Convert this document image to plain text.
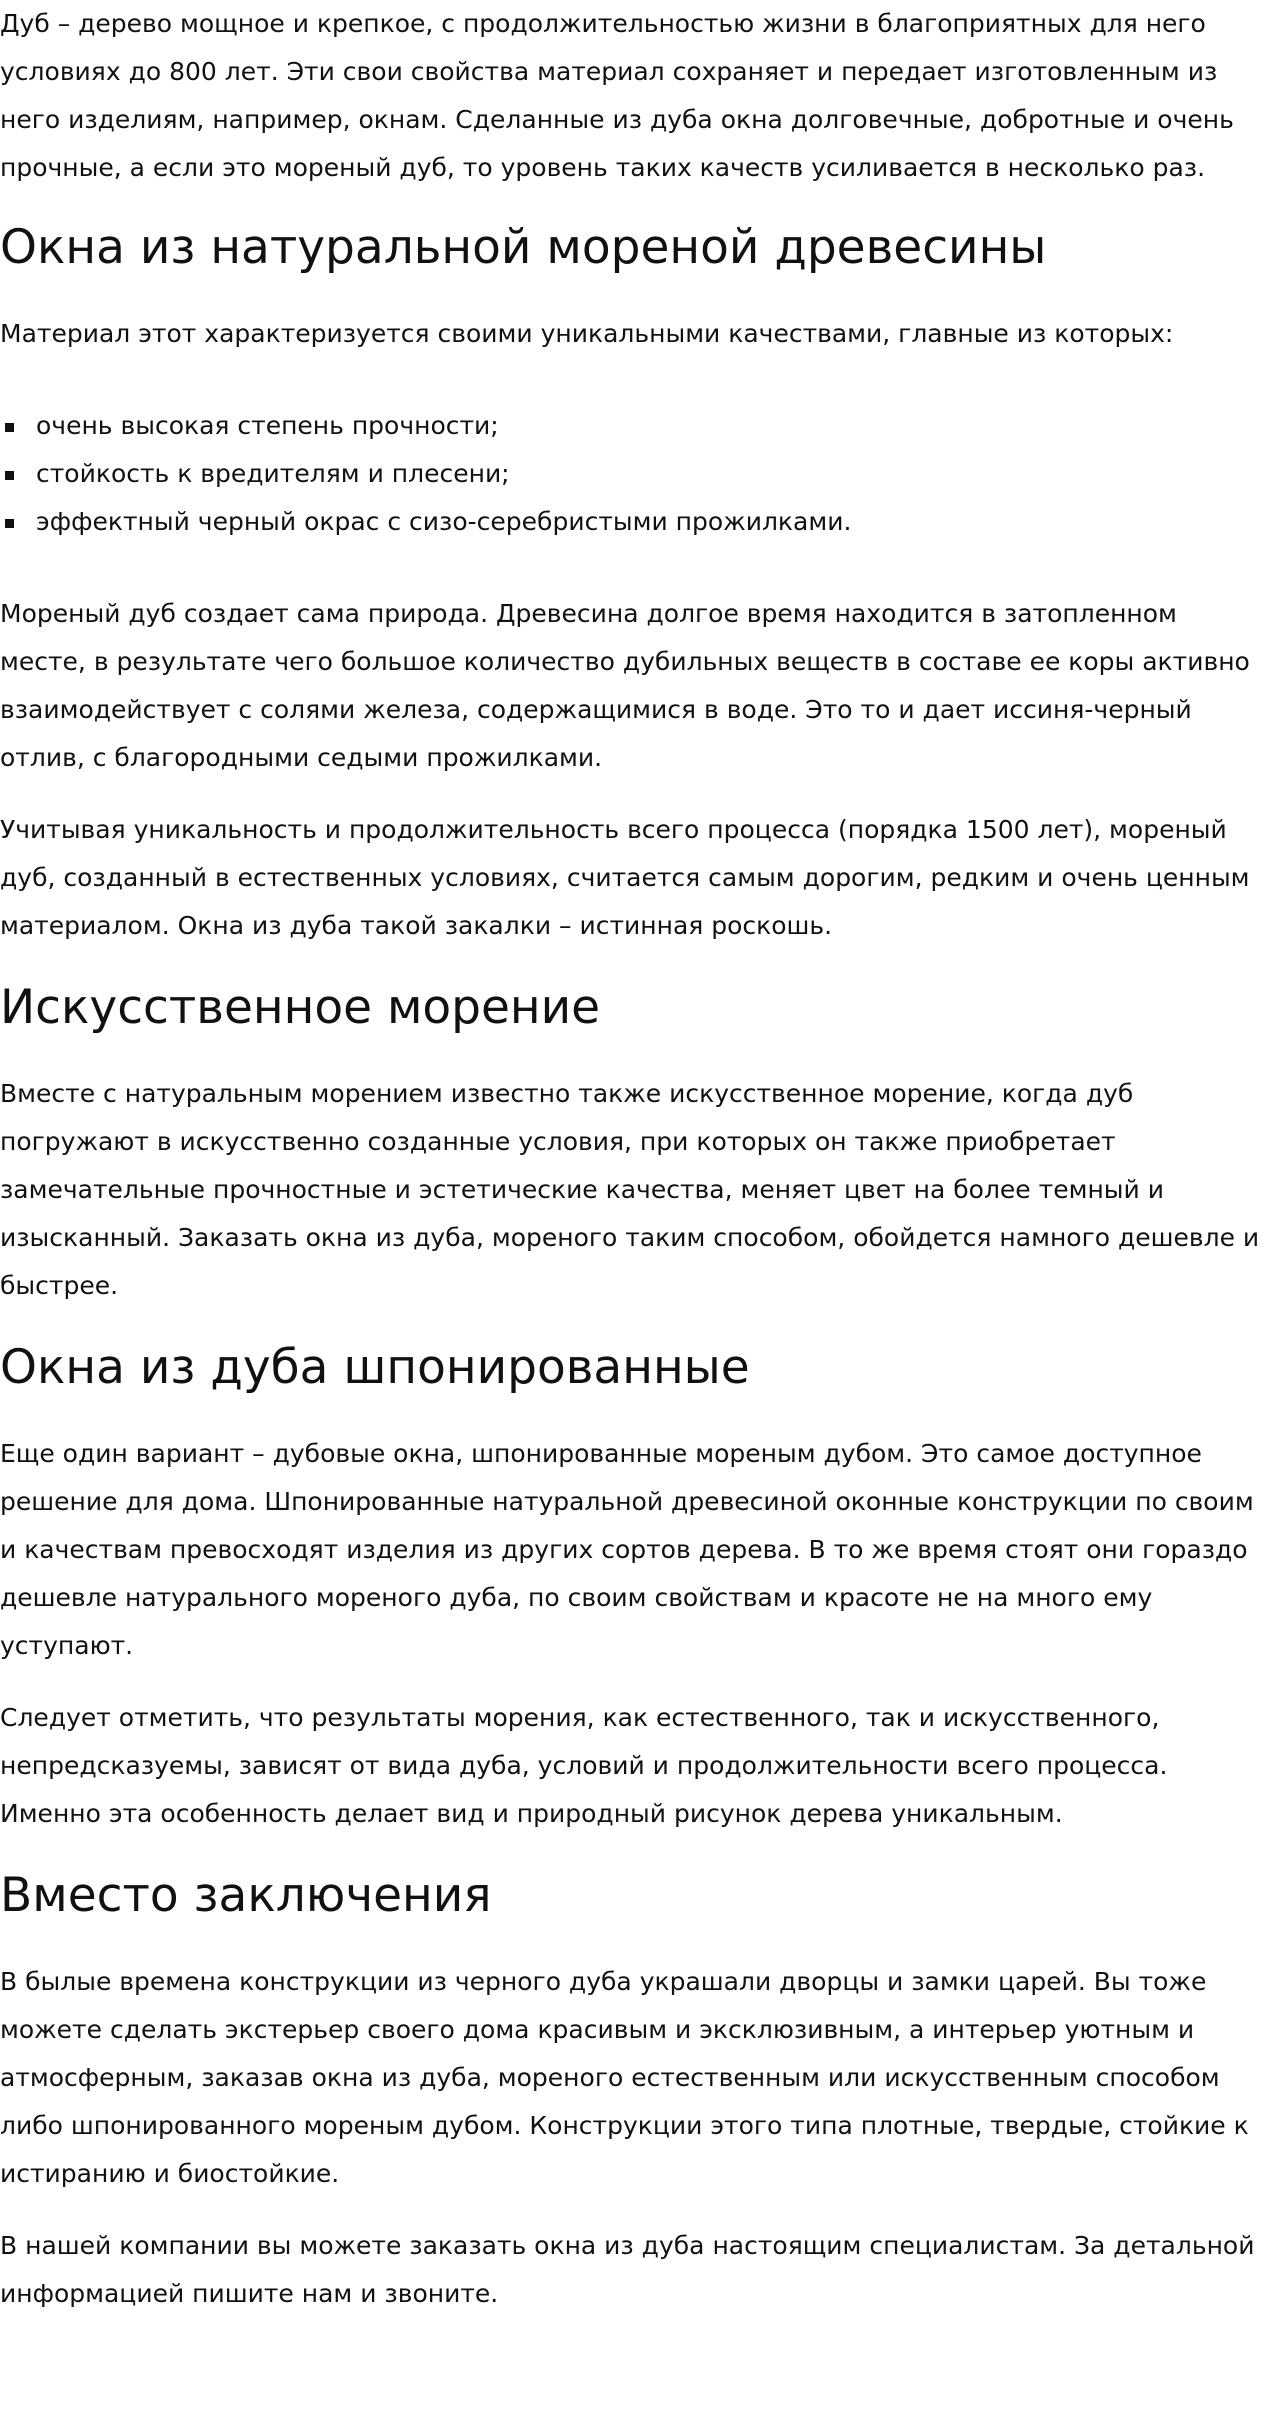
Дуб – дерево мощное и крепкое, с продолжительностью жизни в благоприятных для него условиях до 800 лет. Эти свои свойства материал сохраняет и передает изготовленным из него изделиям, например, окнам. Сделанные из дуба окна долговечные, добротные и очень прочные, а если это мореный дуб, то уровень таких качеств усиливается в несколько раз.

Окна из натуральной мореной древесины

Материал этот характеризуется своими уникальными качествами, главные из которых:

очень высокая степень прочности;
стойкость к вредителям и плесени;
эффектный черный окрас с сизо-серебристыми прожилками.

Мореный дуб создает сама природа. Древесина долгое время находится в затопленном месте, в результате чего большое количество дубильных веществ в составе ее коры активно взаимодействует с солями железа, содержащимися в воде. Это то и дает иссиня-черный отлив, с благородными седыми прожилками.

Учитывая уникальность и продолжительность всего процесса (порядка 1500 лет), мореный дуб, созданный в естественных условиях, считается самым дорогим, редким и очень ценным материалом. Окна из дуба такой закалки – истинная роскошь.

Искусственное морение

Вместе с натуральным морением известно также искусственное морение, когда дуб погружают в искусственно созданные условия, при которых он также приобретает замечательные прочностные и эстетические качества, меняет цвет на более темный и изысканный. Заказать окна из дуба, мореного таким способом, обойдется намного дешевле и быстрее.

Окна из дуба шпонированные

Еще один вариант – дубовые окна, шпонированные мореным дубом. Это самое доступное решение для дома. Шпонированные натуральной древесиной оконные конструкции по своим и качествам превосходят изделия из других сортов дерева. В то же время стоят они гораздо дешевле натурального мореного дуба, по своим свойствам и красоте не на много ему уступают.

Следует отметить, что результаты морения, как естественного, так и искусственного, непредсказуемы, зависят от вида дуба, условий и продолжительности всего процесса. Именно эта особенность делает вид и природный рисунок дерева уникальным.

Вместо заключения

В былые времена конструкции из черного дуба украшали дворцы и замки царей. Вы тоже можете сделать экстерьер своего дома красивым и эксклюзивным, а интерьер уютным и атмосферным, заказав окна из дуба, мореного естественным или искусственным способом либо шпонированного мореным дубом. Конструкции этого типа плотные, твердые, стойкие к истиранию и биостойкие.

В нашей компании вы можете заказать окна из дуба настоящим специалистам. За детальной информацией пишите нам и звоните.
